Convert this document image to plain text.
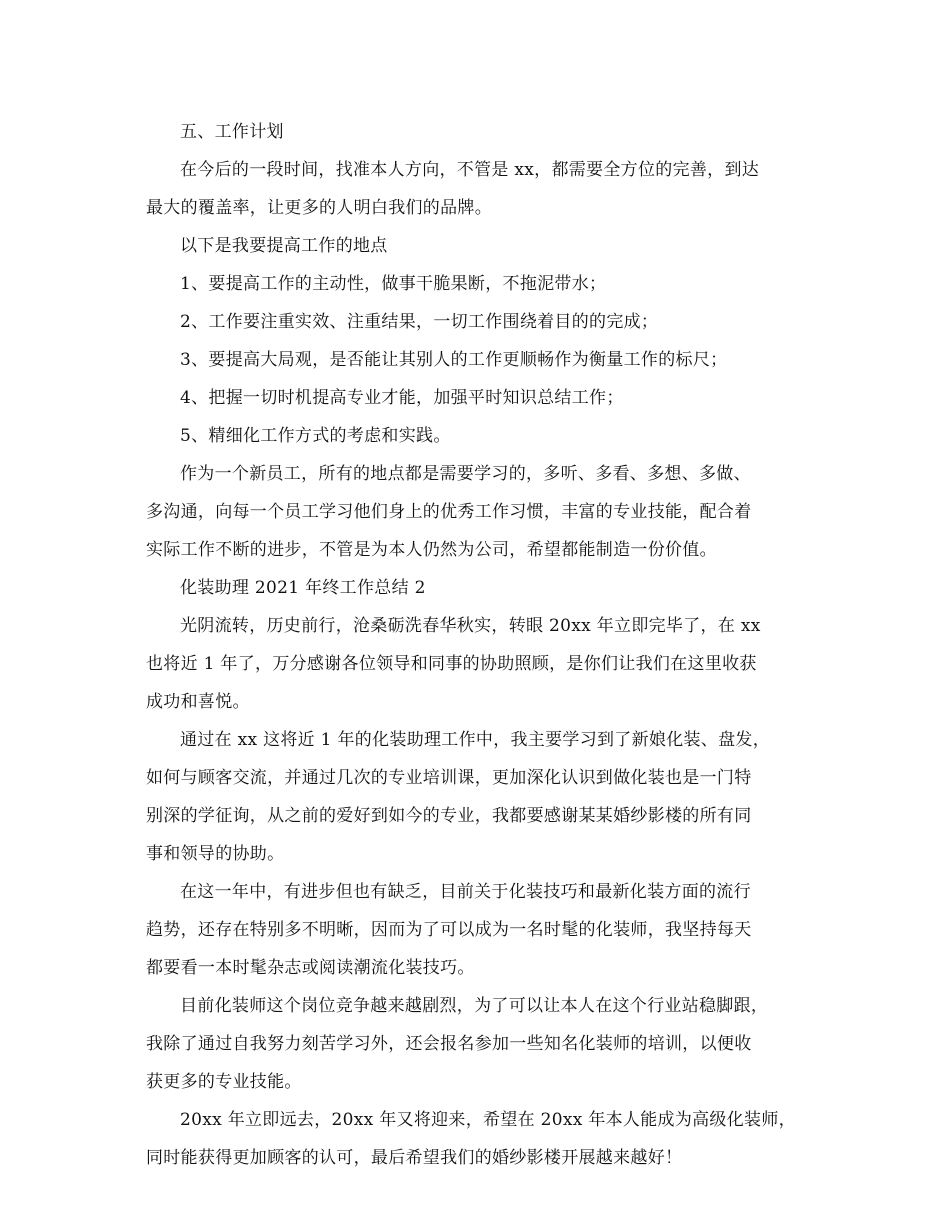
五、工作计划

在今后的一段时间，找准本人方向，不管是 xx，都需要全方位的完善，到达
最大的覆盖率，让更多的人明白我们的品牌。

以下是我要提高工作的地点

1、要提高工作的主动性，做事干脆果断，不拖泥带水；

2、工作要注重实效、注重结果，一切工作围绕着目的的完成；

3、要提高大局观，是否能让其别人的工作更顺畅作为衡量工作的标尺；

4、把握一切时机提高专业才能，加强平时知识总结工作；

5、精细化工作方式的考虑和实践。

作为一个新员工，所有的地点都是需要学习的，多听、多看、多想、多做、
多沟通，向每一个员工学习他们身上的优秀工作习惯，丰富的专业技能，配合着
实际工作不断的进步，不管是为本人仍然为公司，希望都能制造一份价值。

化装助理 2021 年终工作总结 2

光阴流转，历史前行，沧桑砺洗春华秋实，转眼 20xx 年立即完毕了，在 xx
也将近 1 年了，万分感谢各位领导和同事的协助照顾，是你们让我们在这里收获
成功和喜悦。

通过在 xx 这将近 1 年的化装助理工作中，我主要学习到了新娘化装、盘发，
如何与顾客交流，并通过几次的专业培训课，更加深化认识到做化装也是一门特
别深的学征询，从之前的爱好到如今的专业，我都要感谢某某婚纱影楼的所有同
事和领导的协助。

在这一年中，有进步但也有缺乏，目前关于化装技巧和最新化装方面的流行
趋势，还存在特别多不明晰，因而为了可以成为一名时髦的化装师，我坚持每天
都要看一本时髦杂志或阅读潮流化装技巧。

目前化装师这个岗位竞争越来越剧烈，为了可以让本人在这个行业站稳脚跟，
我除了通过自我努力刻苦学习外，还会报名参加一些知名化装师的培训，以便收
获更多的专业技能。

20xx 年立即远去，20xx 年又将迎来，希望在 20xx 年本人能成为高级化装师，
同时能获得更加顾客的认可，最后希望我们的婚纱影楼开展越来越好！
